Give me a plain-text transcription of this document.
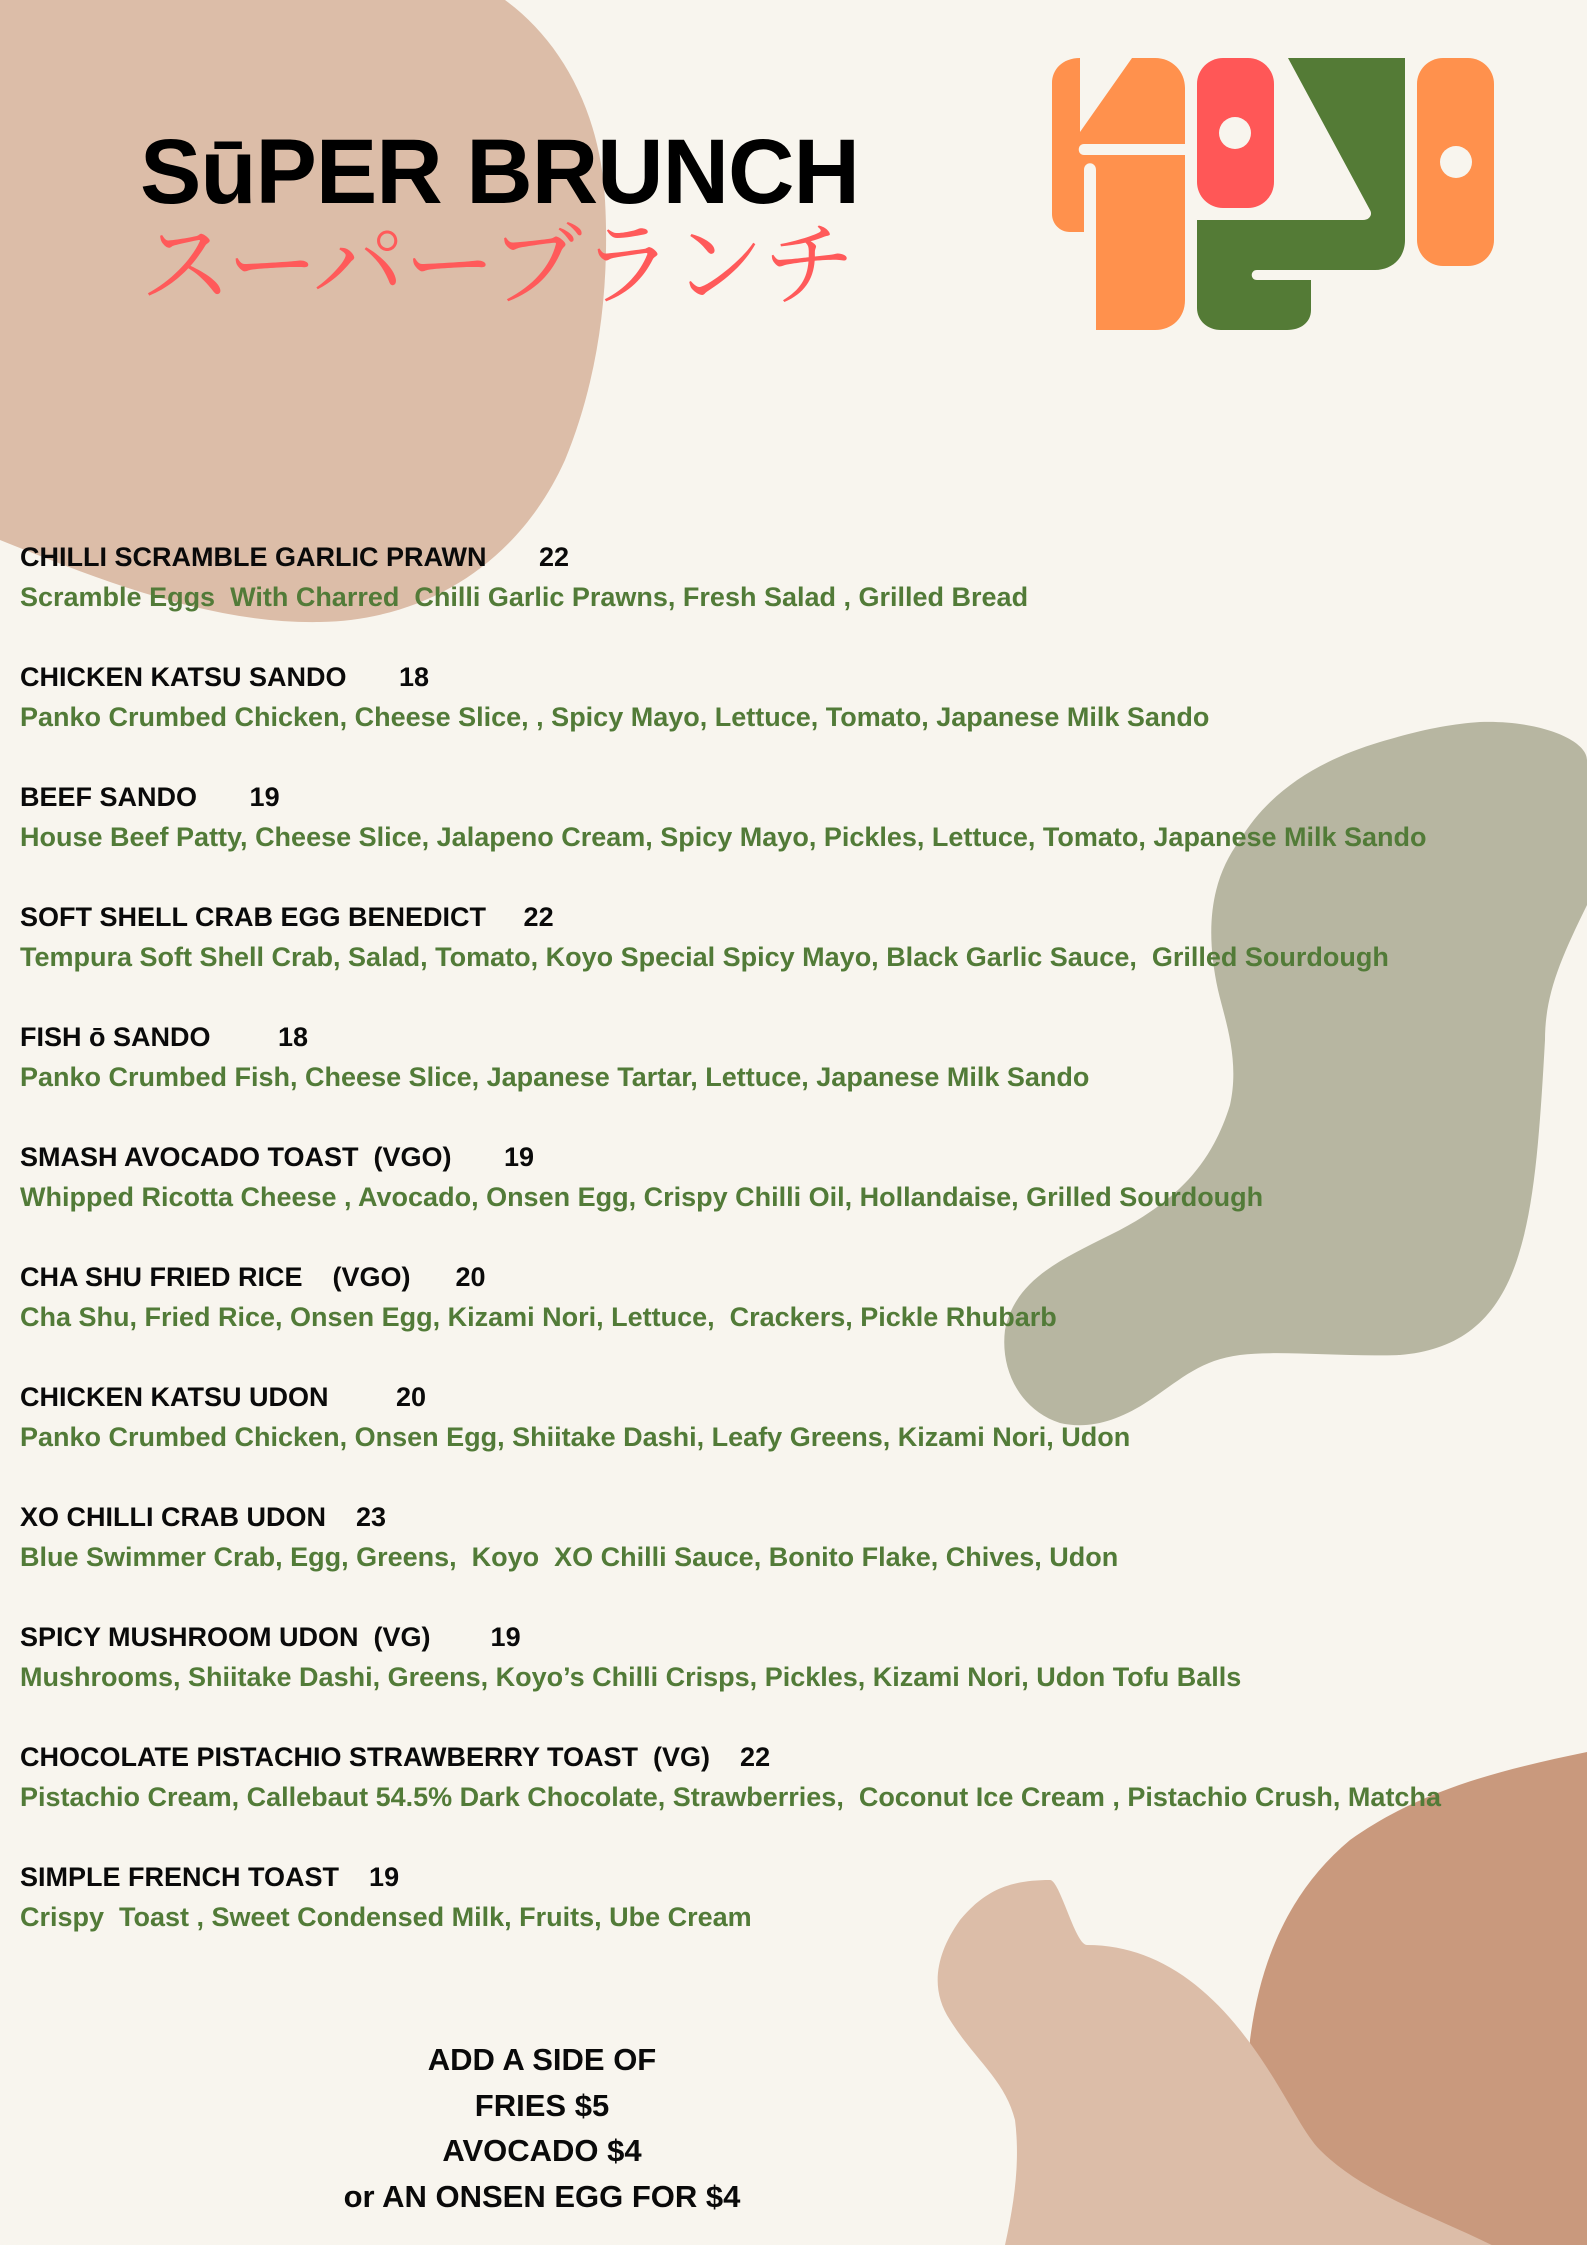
SūPER BRUNCH
スーパーブランチ
CHILLI SCRAMBLE GARLIC PRAWN 22
Scramble Eggs  With Charred  Chilli Garlic Prawns, Fresh Salad , Grilled Bread
CHICKEN KATSU SANDO 18
Panko Crumbed Chicken, Cheese Slice, , Spicy Mayo, Lettuce, Tomato, Japanese Milk Sando
BEEF SANDO 19
House Beef Patty, Cheese Slice, Jalapeno Cream, Spicy Mayo, Pickles, Lettuce, Tomato, Japanese Milk Sando
SOFT SHELL CRAB EGG BENEDICT 22
Tempura Soft Shell Crab, Salad, Tomato, Koyo Special Spicy Mayo, Black Garlic Sauce,  Grilled Sourdough
FISH ō SANDO	18
Panko Crumbed Fish, Cheese Slice, Japanese Tartar, Lettuce, Japanese Milk Sando
SMASH AVOCADO TOAST  (VGO) 19
Whipped Ricotta Cheese , Avocado, Onsen Egg, Crispy Chilli Oil, Hollandaise, Grilled Sourdough
CHA SHU FRIED RICE    (VGO) 20
Cha Shu, Fried Rice, Onsen Egg, Kizami Nori, Lettuce,  Crackers, Pickle Rhubarb
CHICKEN KATSU UDON	20
Panko Crumbed Chicken, Onsen Egg, Shiitake Dashi, Leafy Greens, Kizami Nori, Udon
XO CHILLI CRAB UDON 23
Blue Swimmer Crab, Egg, Greens,  Koyo  XO Chilli Sauce, Bonito Flake, Chives, Udon
SPICY MUSHROOM UDON  (VG) 19
Mushrooms, Shiitake Dashi, Greens, Koyo’s Chilli Crisps, Pickles, Kizami Nori, Udon Tofu Balls
CHOCOLATE PISTACHIO STRAWBERRY TOAST  (VG) 22
Pistachio Cream, Callebaut 54.5% Dark Chocolate, Strawberries,  Coconut Ice Cream , Pistachio Crush, Matcha
SIMPLE FRENCH TOAST 19
Crispy  Toast , Sweet Condensed Milk, Fruits, Ube Cream
ADD A SIDE OF
FRIES $5
AVOCADO $4
or AN ONSEN EGG FOR $4
